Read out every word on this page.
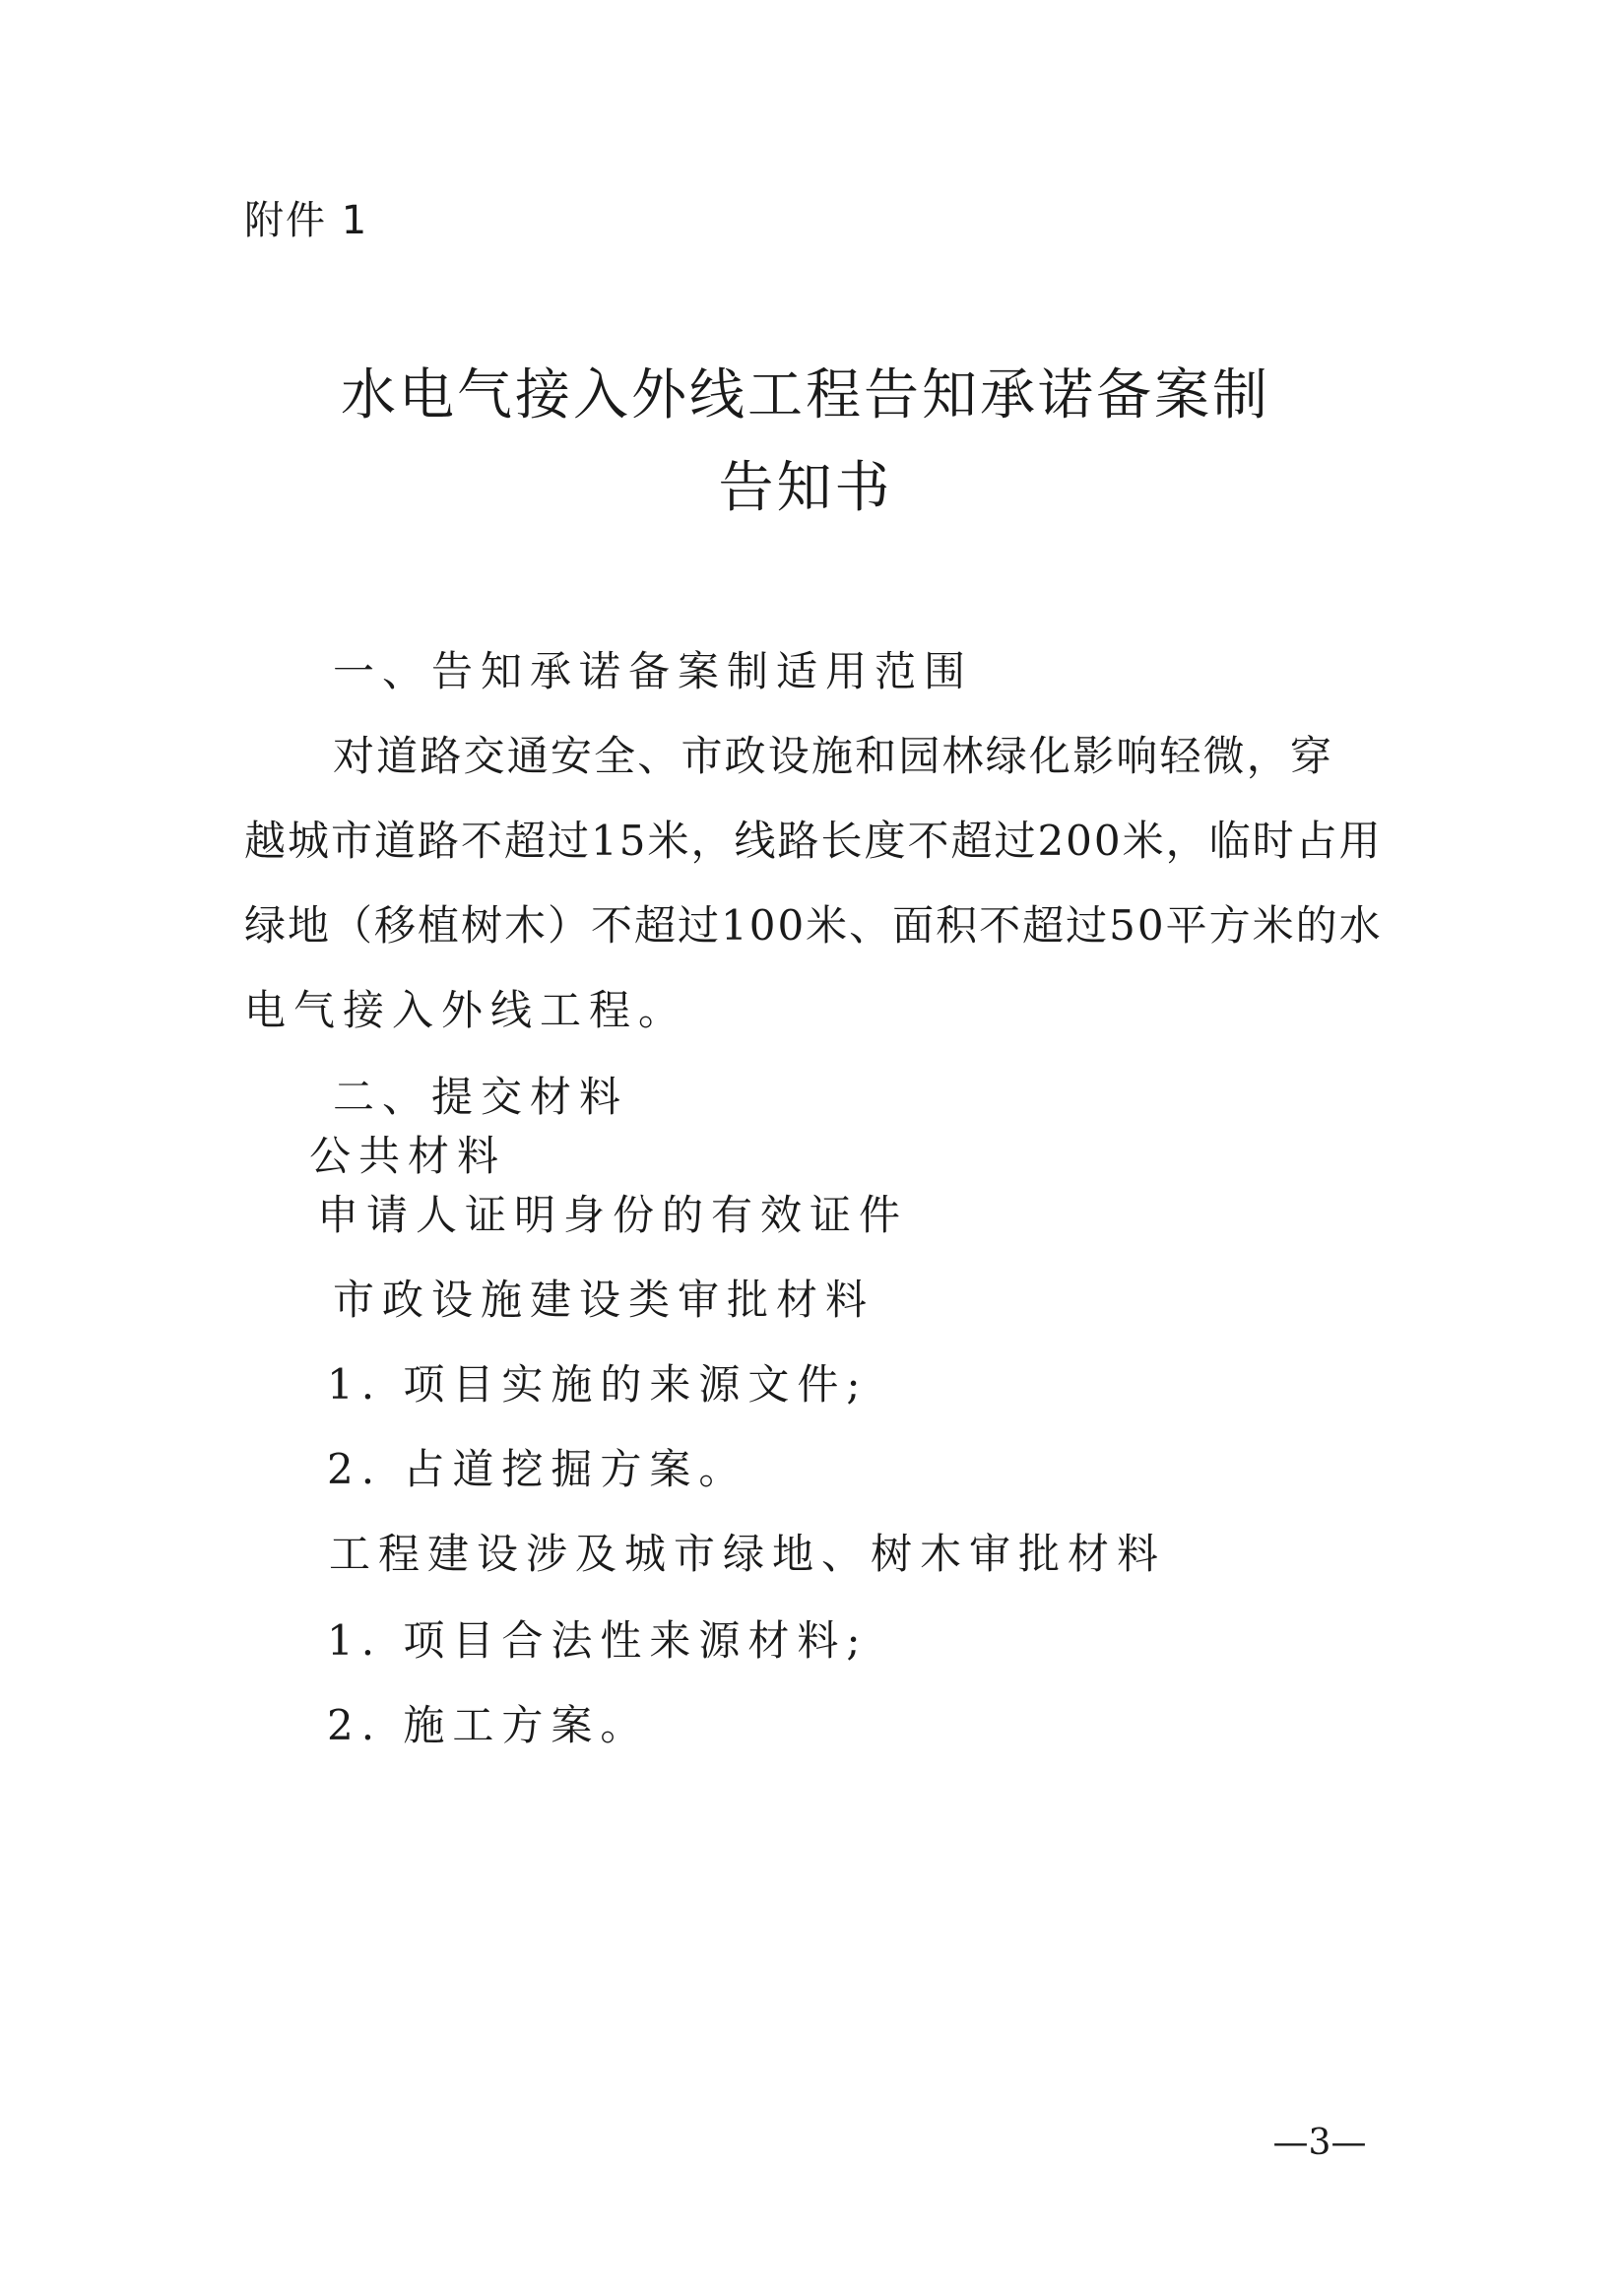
附件 1
水电气接入外线工程告知承诺备案制
告知书
一、告知承诺备案制适用范围
对道路交通安全、市政设施和园林绿化影响轻微，穿
越城市道路不超过15米，线路长度不超过200米，临时占用
绿地（移植树木）不超过100米、面积不超过50平方米的水
电气接入外线工程。
二、提交材料
公共材料
申请人证明身份的有效证件
市政设施建设类审批材料
1. 项目实施的来源文件;
2. 占道挖掘方案。
工程建设涉及城市绿地、树木审批材料
1. 项目合法性来源材料;
2. 施工方案。
—3—
